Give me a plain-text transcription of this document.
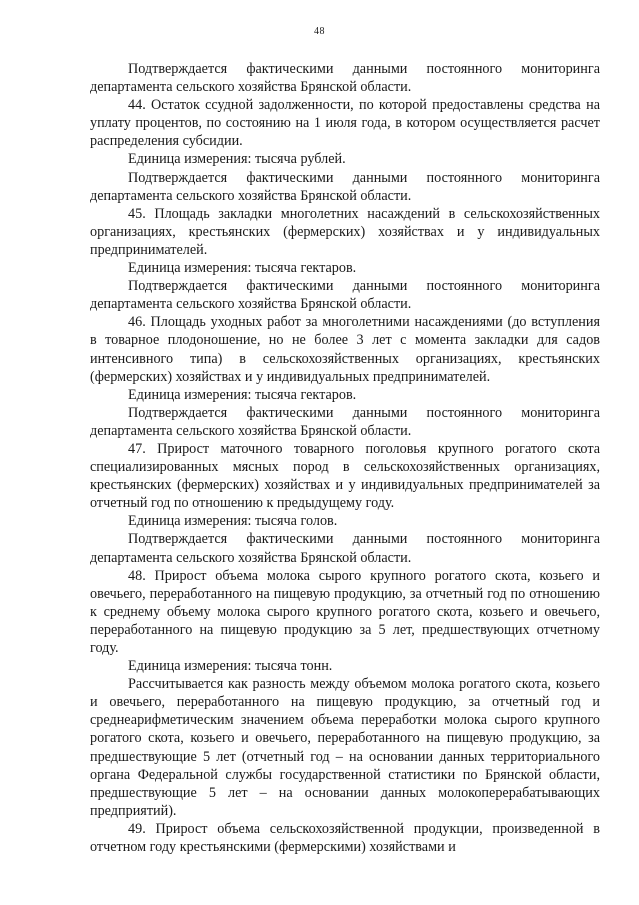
48

Подтверждается фактическими данными постоянного мониторинга департамента сельского хозяйства Брянской области.

44. Остаток ссудной задолженности, по которой предоставлены средства на уплату процентов, по состоянию на 1 июля года, в котором осуществляется расчет распределения субсидии.

Единица измерения: тысяча рублей.

Подтверждается фактическими данными постоянного мониторинга департамента сельского хозяйства Брянской области.

45. Площадь закладки многолетних насаждений в сельскохозяйственных организациях, крестьянских (фермерских) хозяйствах и у индивидуальных предпринимателей.

Единица измерения: тысяча гектаров.

Подтверждается фактическими данными постоянного мониторинга департамента сельского хозяйства Брянской области.

46. Площадь уходных работ за многолетними насаждениями (до вступления в товарное плодоношение, но не более 3 лет с момента закладки для садов интенсивного типа) в сельскохозяйственных организациях, крестьянских (фермерских) хозяйствах и у индивидуальных предпринимателей.

Единица измерения: тысяча гектаров.

Подтверждается фактическими данными постоянного мониторинга департамента сельского хозяйства Брянской области.

47. Прирост маточного товарного поголовья крупного рогатого скота специализированных мясных пород в сельскохозяйственных организациях, крестьянских (фермерских) хозяйствах и у индивидуальных предпринимателей за отчетный год по отношению к предыдущему году.

Единица измерения: тысяча голов.

Подтверждается фактическими данными постоянного мониторинга департамента сельского хозяйства Брянской области.

48. Прирост объема молока сырого крупного рогатого скота, козьего и овечьего, переработанного на пищевую продукцию, за отчетный год по отношению к среднему объему молока сырого крупного рогатого скота, козьего и овечьего, переработанного на пищевую продукцию за 5 лет, предшествующих отчетному году.

Единица измерения: тысяча тонн.

Рассчитывается как разность между объемом молока рогатого скота, козьего и овечьего, переработанного на пищевую продукцию, за отчетный год и среднеарифметическим значением объема переработки молока сырого крупного рогатого скота, козьего и овечьего, переработанного на пищевую продукцию, за предшествующие 5 лет (отчетный год – на основании данных территориального органа Федеральной службы государственной статистики по Брянской области, предшествующие 5 лет – на основании данных молокоперерабатывающих предприятий).

49. Прирост объема сельскохозяйственной продукции, произведенной в отчетном году крестьянскими (фермерскими) хозяйствами и
